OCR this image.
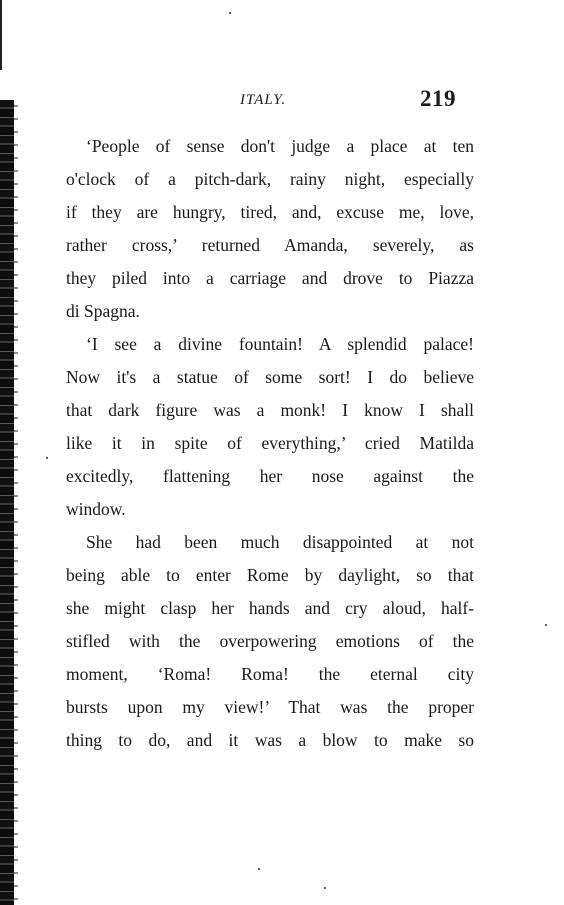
ITALY.	219
‘People of sense don't judge a place at ten
o'clock of a pitch-dark, rainy night, especially
if they are hungry, tired, and, excuse me, love,
rather cross,’ returned Amanda, severely, as
they piled into a carriage and drove to Piazza
di Spagna.
‘I see a divine fountain! A splendid palace!
Now it's a statue of some sort! I do believe
that dark figure was a monk! I know I shall
like it in spite of everything,’ cried Matilda
excitedly, flattening her nose against the
window.
She had been much disappointed at not
being able to enter Rome by daylight, so that
she might clasp her hands and cry aloud, half-
stifled with the overpowering emotions of the
moment, ‘Roma! Roma! the eternal city
bursts upon my view!’ That was the proper
thing to do, and it was a blow to make so
